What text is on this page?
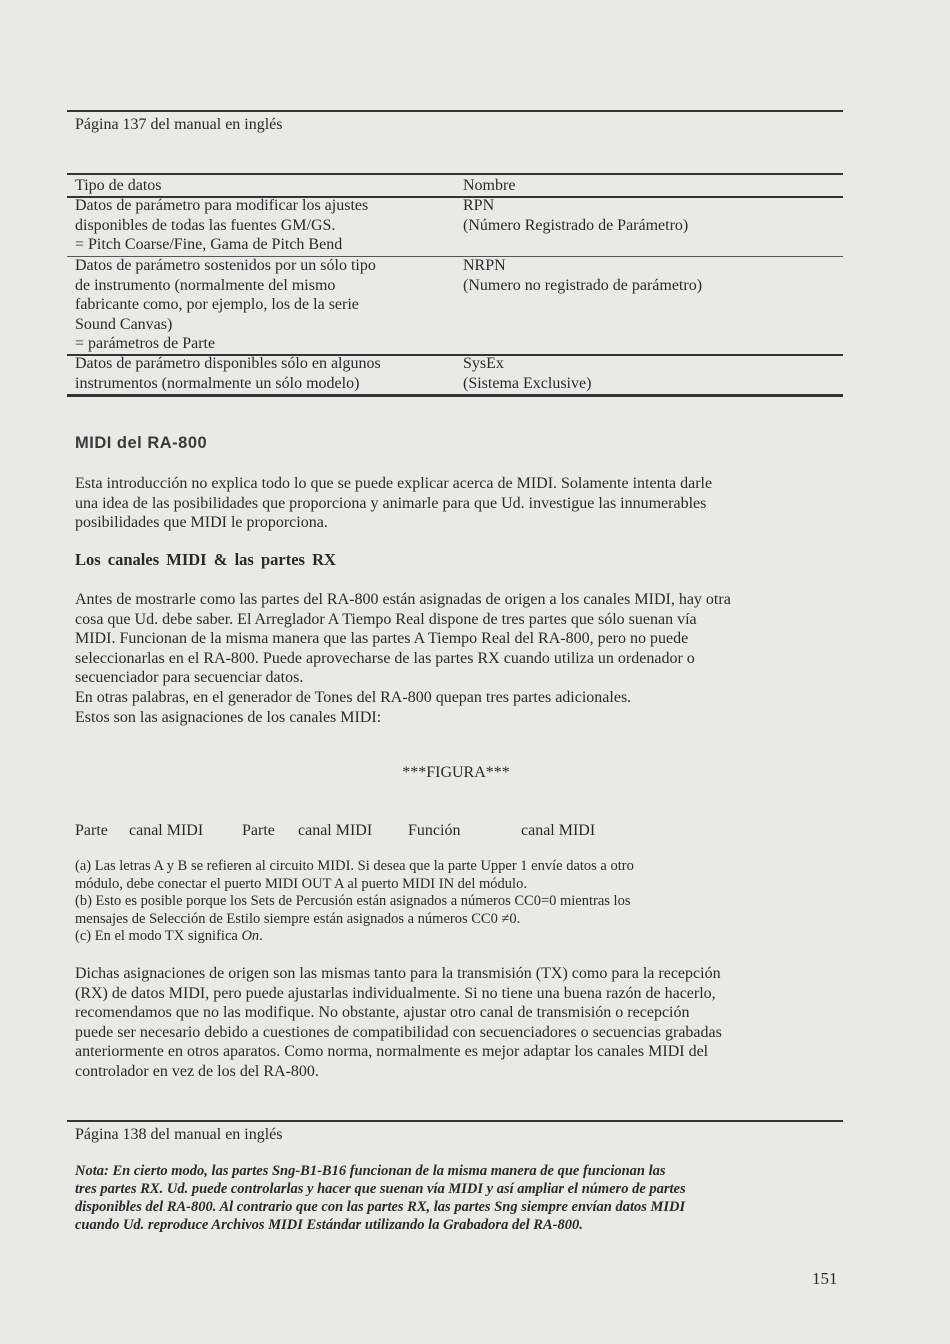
Página 137 del manual en inglés
Tipo de datos	Nombre
Datos de parámetro para modificar los ajustes
disponibles de todas las fuentes GM/GS.
= Pitch Coarse/Fine, Gama de Pitch Bend
RPN
(Número Registrado de Parámetro)
Datos de parámetro sostenidos por un sólo tipo
de instrumento (normalmente del mismo
fabricante como, por ejemplo, los de la serie
Sound Canvas)
= parámetros de Parte
NRPN
(Numero no registrado de parámetro)
Datos de parámetro disponibles sólo en algunos
instrumentos (normalmente un sólo modelo)
SysEx
(Sistema Exclusive)
MIDI del RA-800
Esta introducción no explica todo lo que se puede explicar acerca de MIDI. Solamente intenta darle
una idea de las posibilidades que proporciona y animarle para que Ud. investigue las innumerables
posibilidades que MIDI le proporciona.
Los canales MIDI & las partes RX
Antes de mostrarle como las partes del RA-800 están asignadas de origen a los canales MIDI, hay otra
cosa que Ud. debe saber. El Arreglador A Tiempo Real dispone de tres partes que sólo suenan vía
MIDI. Funcionan de la misma manera que las partes A Tiempo Real del RA-800, pero no puede
seleccionarlas en el RA-800. Puede aprovecharse de las partes RX cuando utiliza un ordenador o
secuenciador para secuenciar datos.
En otras palabras, en el generador de Tones del RA-800 quepan tres partes adicionales.
Estos son las asignaciones de los canales MIDI:
***FIGURA***
Parte canal MIDI Parte canal MIDI Función	canal MIDI
(a) Las letras A y B se refieren al circuito MIDI. Si desea que la parte Upper 1 envíe datos a otro
módulo, debe conectar el puerto MIDI OUT A al puerto MIDI IN del módulo.
(b) Esto es posible porque los Sets de Percusión están asignados a números CC0=0 mientras los
mensajes de Selección de Estilo siempre están asignados a números CC0 ≠0.
(c) En el modo TX significa On.
Dichas asignaciones de origen son las mismas tanto para la transmisión (TX) como para la recepción
(RX) de datos MIDI, pero puede ajustarlas individualmente. Si no tiene una buena razón de hacerlo,
recomendamos que no las modifique. No obstante, ajustar otro canal de transmisión o recepción
puede ser necesario debido a cuestiones de compatibilidad con secuenciadores o secuencias grabadas
anteriormente en otros aparatos. Como norma, normalmente es mejor adaptar los canales MIDI del
controlador en vez de los del RA-800.
Página 138 del manual en inglés
Nota: En cierto modo, las partes Sng-B1-B16 funcionan de la misma manera de que funcionan las
tres partes RX. Ud. puede controlarlas y hacer que suenan vía MIDI y así ampliar el número de partes
disponibles del RA-800. Al contrario que con las partes RX, las partes Sng siempre envían datos MIDI
cuando Ud. reproduce Archivos MIDI Estándar utilizando la Grabadora del RA-800.
151
